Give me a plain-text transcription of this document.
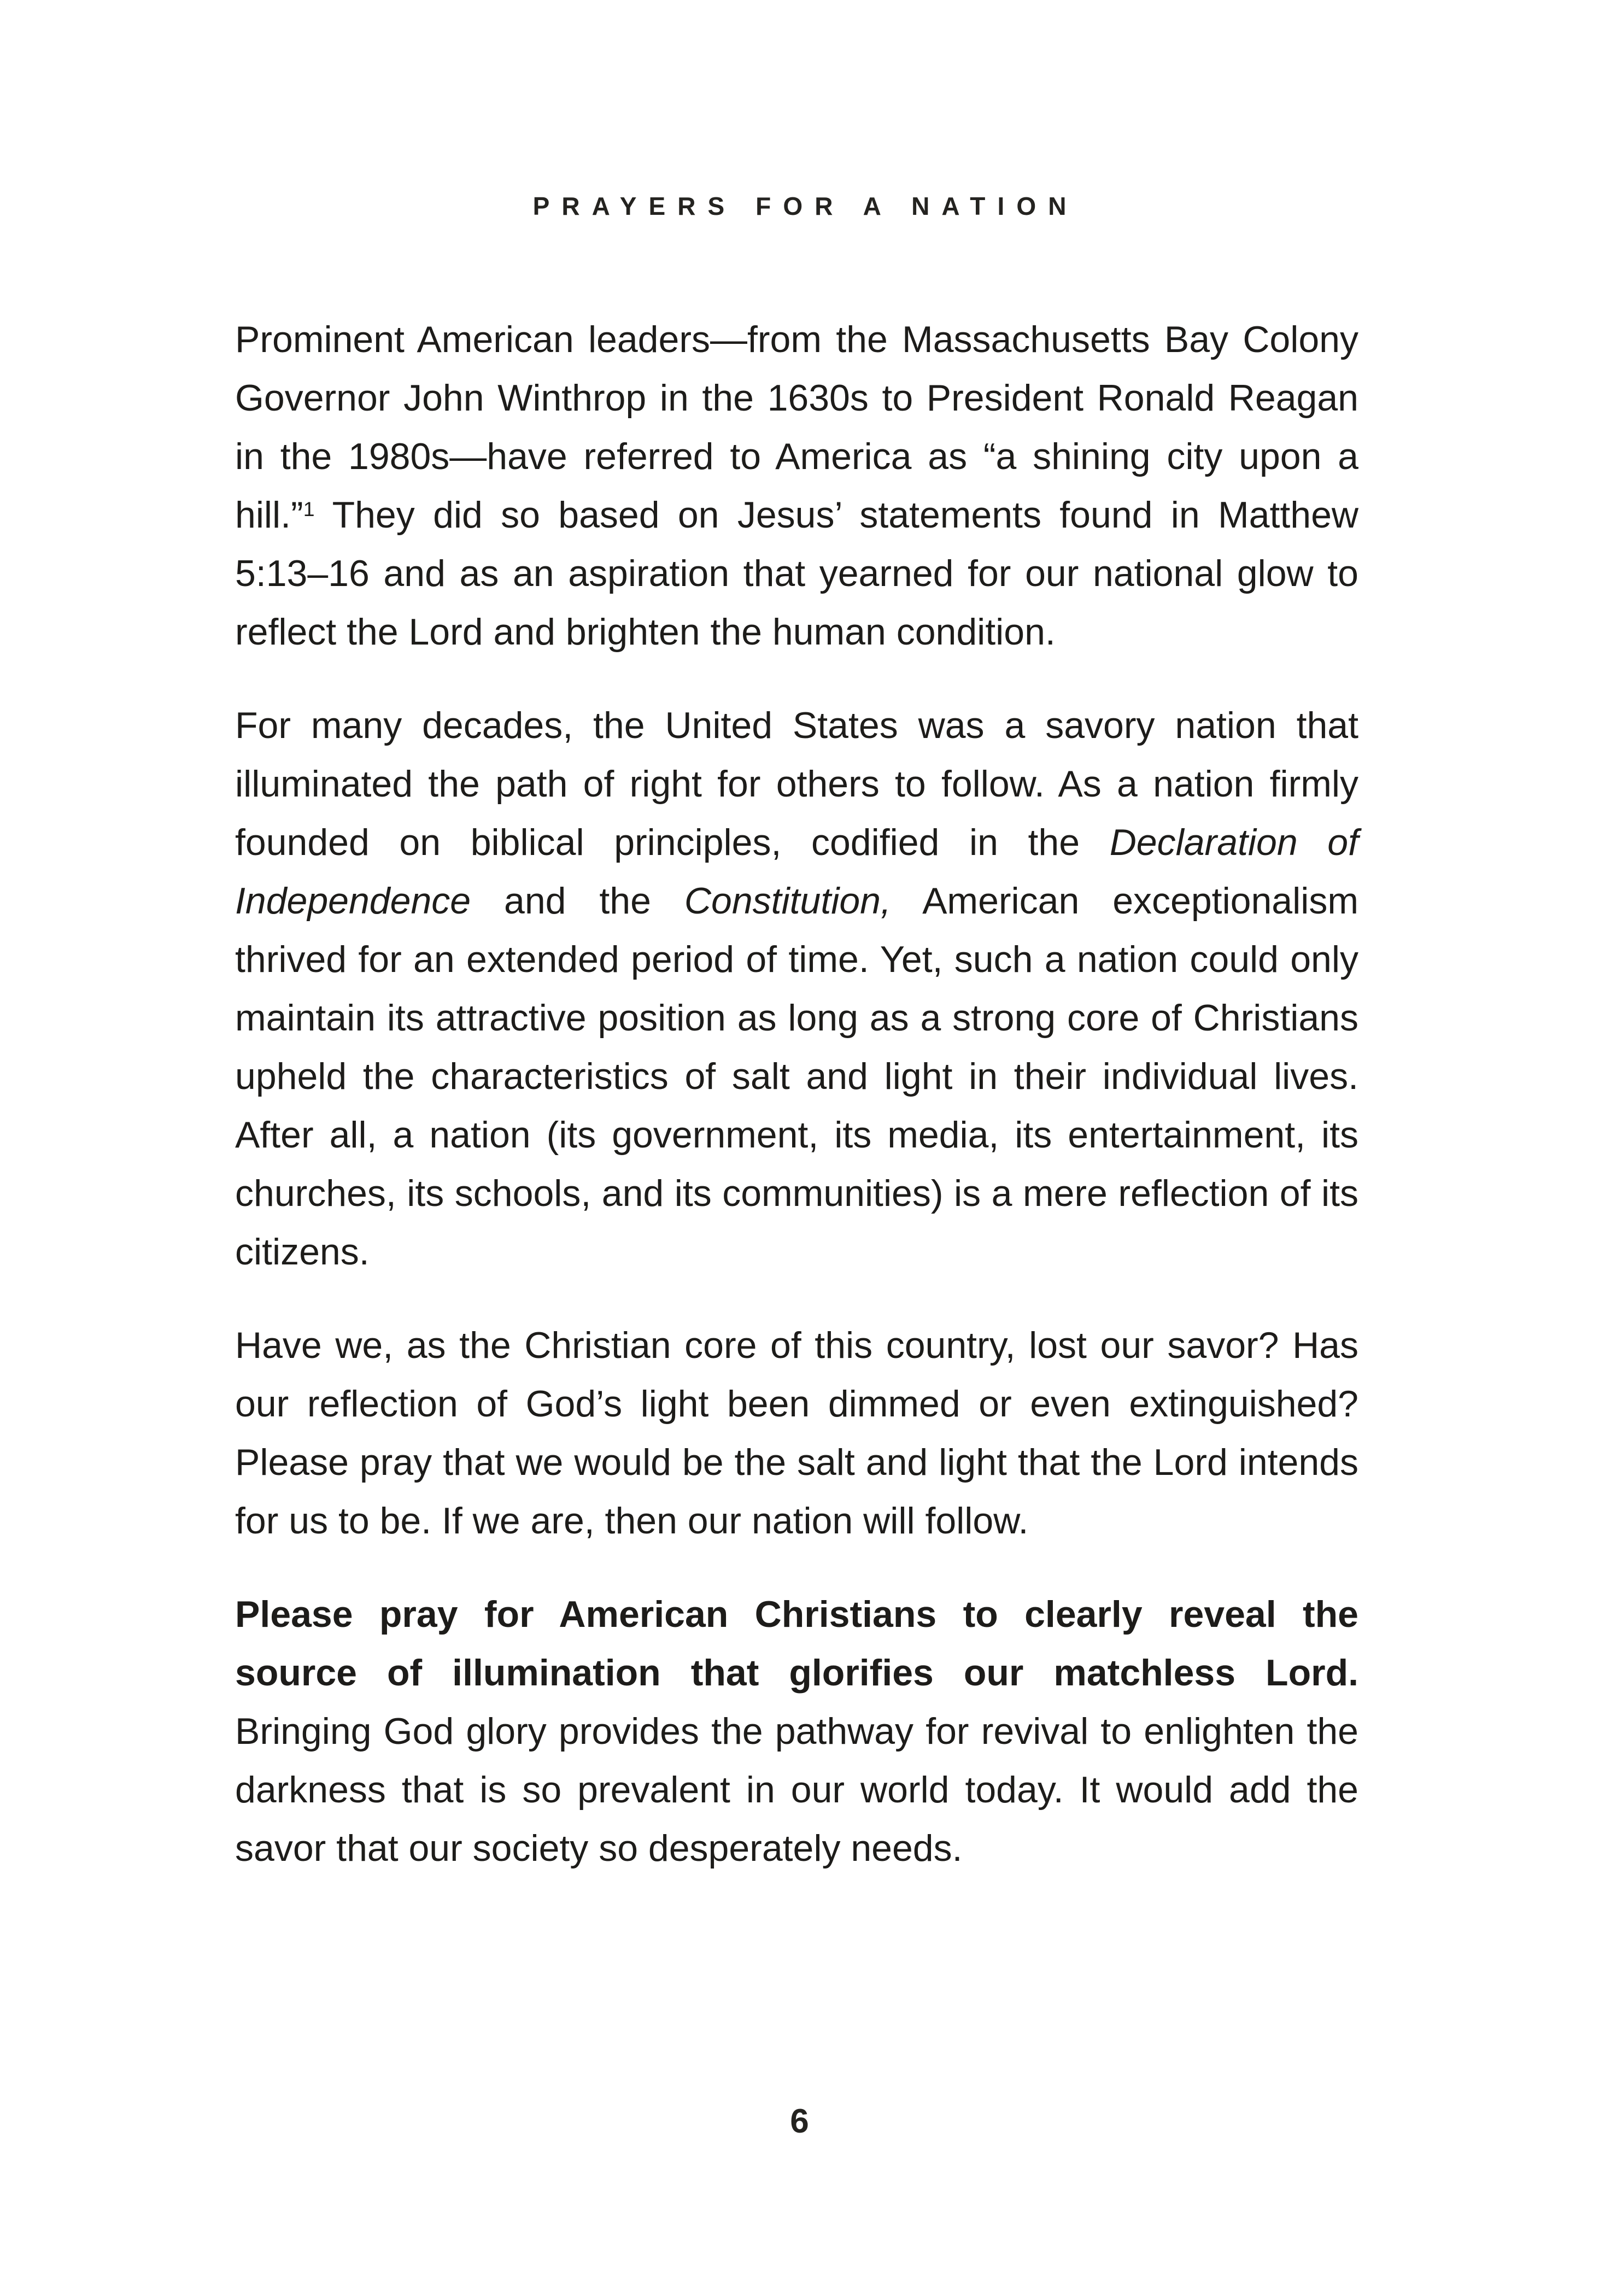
PRAYERS FOR A NATION

Prominent American leaders—from the Massachusetts Bay Colony Governor John Winthrop in the 1630s to President Ronald Reagan in the 1980s—have referred to America as “a shining city upon a hill.”$^1$ They did so based on Jesus’ statements found in Matthew 5:13–16 and as an aspiration that yearned for our national glow to reflect the Lord and brighten the human condition.

For many decades, the United States was a savory nation that illuminated the path of right for others to follow. As a nation firmly founded on biblical principles, codified in the Declaration of Independence and the Constitution, American exceptionalism thrived for an extended period of time. Yet, such a nation could only maintain its attractive position as long as a strong core of Christians upheld the characteristics of salt and light in their individual lives. After all, a nation (its government, its media, its entertainment, its churches, its schools, and its communities) is a mere reflection of its citizens.

Have we, as the Christian core of this country, lost our savor? Has our reflection of God’s light been dimmed or even extinguished? Please pray that we would be the salt and light that the Lord intends for us to be. If we are, then our nation will follow.

Please pray for American Christians to clearly reveal the source of illumination that glorifies our matchless Lord. Bringing God glory provides the pathway for revival to enlighten the darkness that is so prevalent in our world today. It would add the savor that our society so desperately needs.

6
